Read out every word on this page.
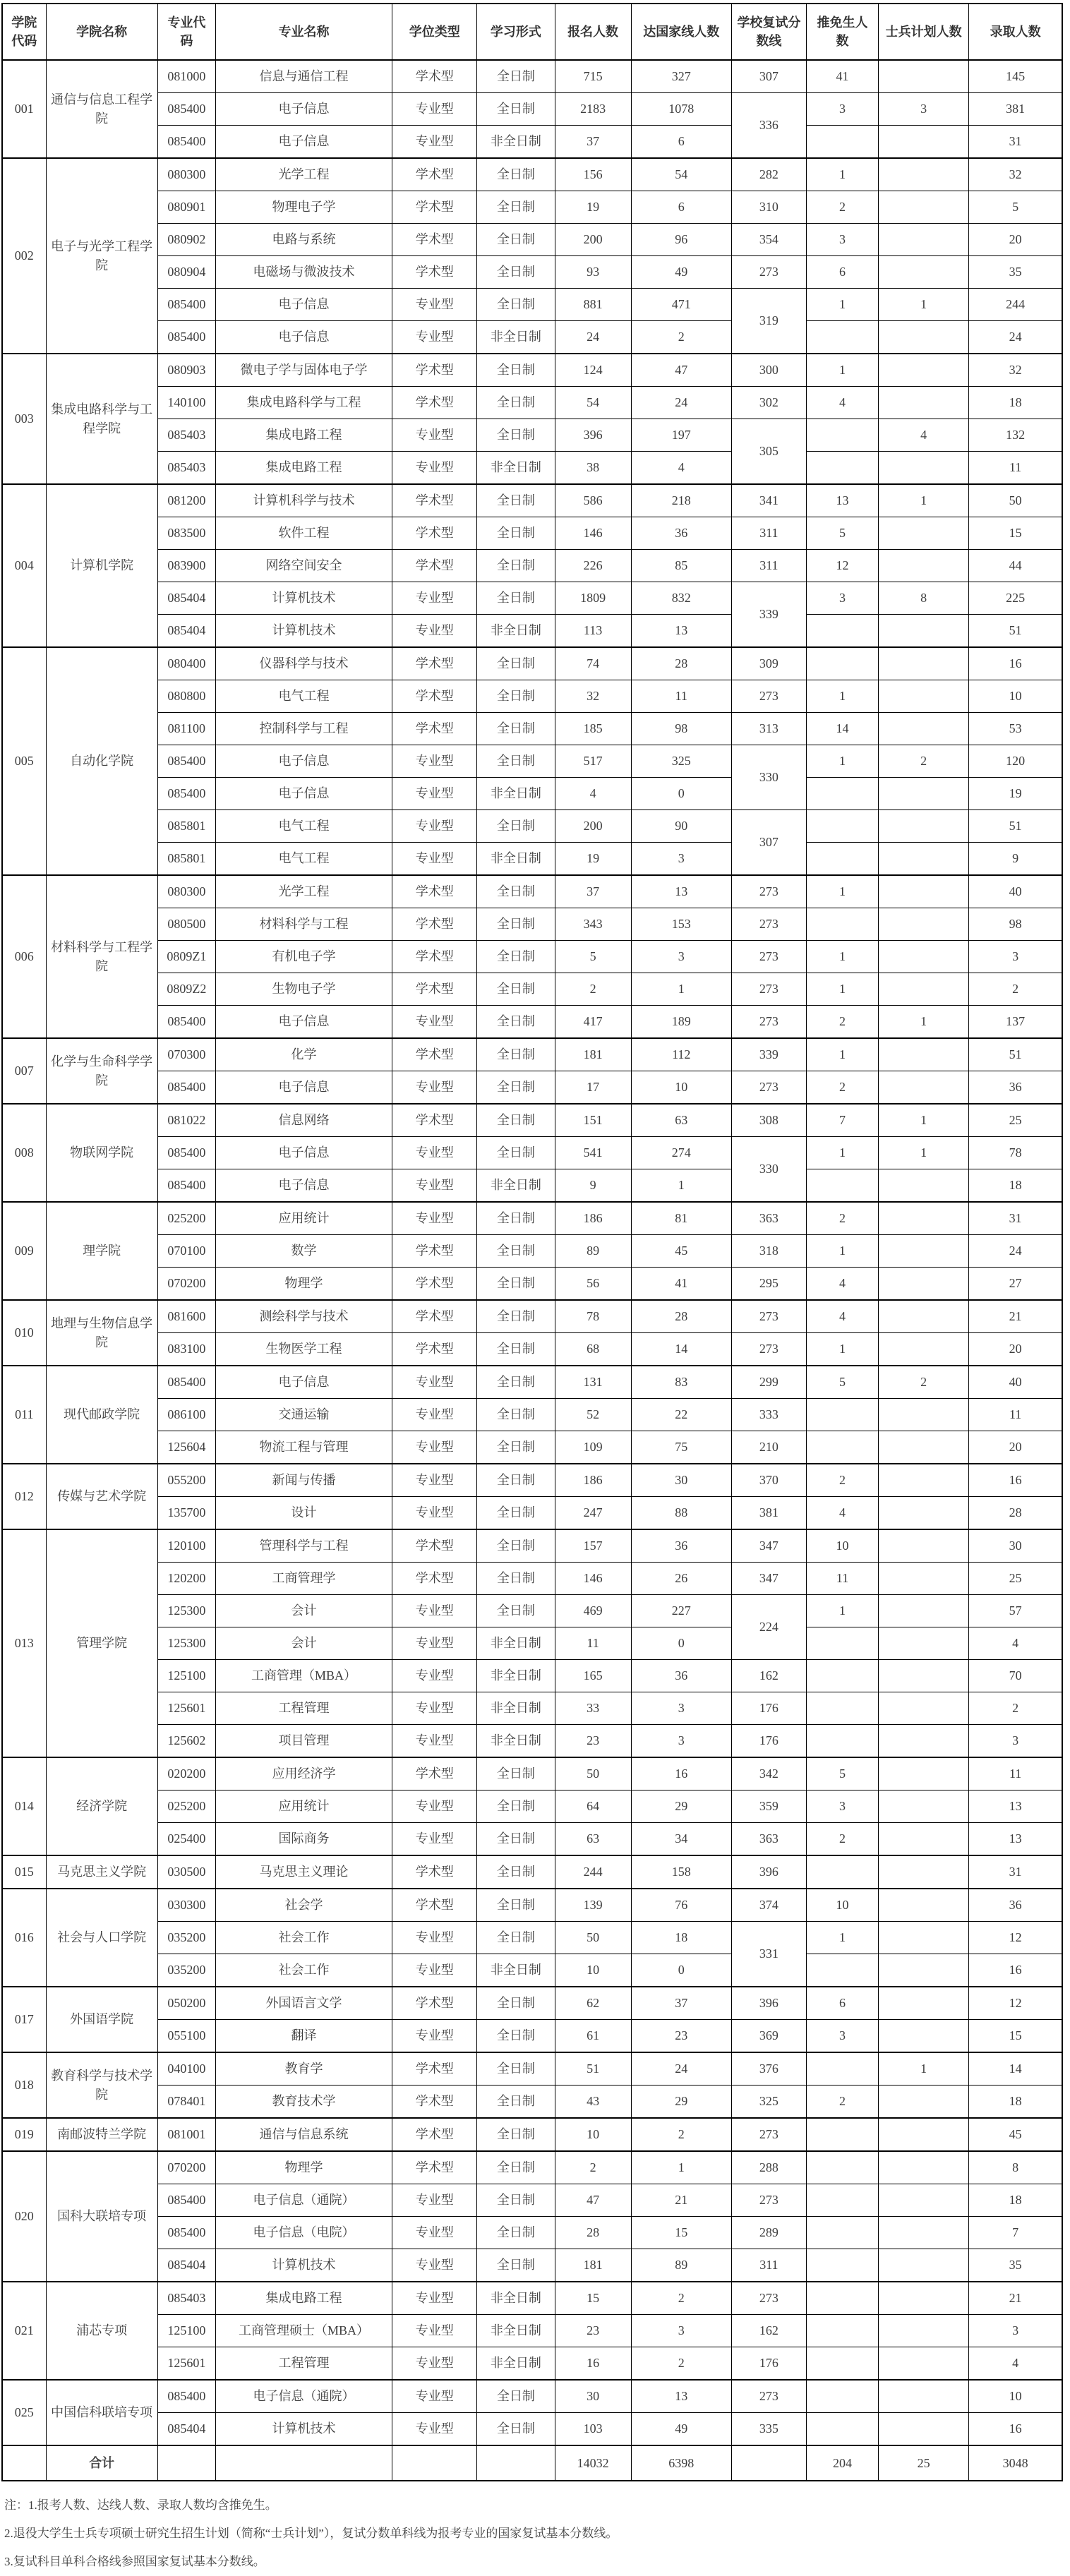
学院代码	学院名称	专业代码	专业名称	学位类型	学习形式	报名人数	达国家线人数	学校复试分数线	推免生人数	士兵计划人数	录取人数
001	通信与信息工程学院	081000	信息与通信工程	学术型	全日制	715	327	307	41		145
		085400	电子信息	专业型	全日制	2183	1078	336	3	3	381
		085400	电子信息	专业型	非全日制	37	6				31
002	电子与光学工程学院	080300	光学工程	学术型	全日制	156	54	282	1		32
		080901	物理电子学	学术型	全日制	19	6	310	2		5
		080902	电路与系统	学术型	全日制	200	96	354	3		20
		080904	电磁场与微波技术	学术型	全日制	93	49	273	6		35
		085400	电子信息	专业型	全日制	881	471	319	1	1	244
		085400	电子信息	专业型	非全日制	24	2				24
003	集成电路科学与工程学院	080903	微电子学与固体电子学	学术型	全日制	124	47	300	1		32
		140100	集成电路科学与工程	学术型	全日制	54	24	302	4		18
		085403	集成电路工程	专业型	全日制	396	197	305		4	132
		085403	集成电路工程	专业型	非全日制	38	4				11
004	计算机学院	081200	计算机科学与技术	学术型	全日制	586	218	341	13	1	50
		083500	软件工程	学术型	全日制	146	36	311	5		15
		083900	网络空间安全	学术型	全日制	226	85	311	12		44
		085404	计算机技术	专业型	全日制	1809	832	339	3	8	225
		085404	计算机技术	专业型	非全日制	113	13				51
005	自动化学院	080400	仪器科学与技术	学术型	全日制	74	28	309			16
		080800	电气工程	学术型	全日制	32	11	273	1		10
		081100	控制科学与工程	学术型	全日制	185	98	313	14		53
		085400	电子信息	专业型	全日制	517	325	330	1	2	120
		085400	电子信息	专业型	非全日制	4	0				19
		085801	电气工程	专业型	全日制	200	90	307			51
		085801	电气工程	专业型	非全日制	19	3				9
006	材料科学与工程学院	080300	光学工程	学术型	全日制	37	13	273	1		40
		080500	材料科学与工程	学术型	全日制	343	153	273			98
		0809Z1	有机电子学	学术型	全日制	5	3	273	1		3
		0809Z2	生物电子学	学术型	全日制	2	1	273	1		2
		085400	电子信息	专业型	全日制	417	189	273	2	1	137
007	化学与生命科学学院	070300	化学	学术型	全日制	181	112	339	1		51
		085400	电子信息	专业型	全日制	17	10	273	2		36
008	物联网学院	081022	信息网络	学术型	全日制	151	63	308	7	1	25
		085400	电子信息	专业型	全日制	541	274	330	1	1	78
		085400	电子信息	专业型	非全日制	9	1				18
009	理学院	025200	应用统计	专业型	全日制	186	81	363	2		31
		070100	数学	学术型	全日制	89	45	318	1		24
		070200	物理学	学术型	全日制	56	41	295	4		27
010	地理与生物信息学院	081600	测绘科学与技术	学术型	全日制	78	28	273	4		21
		083100	生物医学工程	学术型	全日制	68	14	273	1		20
011	现代邮政学院	085400	电子信息	专业型	全日制	131	83	299	5	2	40
		086100	交通运输	专业型	全日制	52	22	333			11
		125604	物流工程与管理	专业型	全日制	109	75	210			20
012	传媒与艺术学院	055200	新闻与传播	专业型	全日制	186	30	370	2		16
		135700	设计	专业型	全日制	247	88	381	4		28
013	管理学院	120100	管理科学与工程	学术型	全日制	157	36	347	10		30
		120200	工商管理学	学术型	全日制	146	26	347	11		25
		125300	会计	专业型	全日制	469	227	224	1		57
		125300	会计	专业型	非全日制	11	0				4
		125100	工商管理（MBA）	专业型	非全日制	165	36	162			70
		125601	工程管理	专业型	非全日制	33	3	176			2
		125602	项目管理	专业型	非全日制	23	3	176			3
014	经济学院	020200	应用经济学	学术型	全日制	50	16	342	5		11
		025200	应用统计	专业型	全日制	64	29	359	3		13
		025400	国际商务	专业型	全日制	63	34	363	2		13
015	马克思主义学院	030500	马克思主义理论	学术型	全日制	244	158	396			31
016	社会与人口学院	030300	社会学	学术型	全日制	139	76	374	10		36
		035200	社会工作	专业型	全日制	50	18	331	1		12
		035200	社会工作	专业型	非全日制	10	0				16
017	外国语学院	050200	外国语言文学	学术型	全日制	62	37	396	6		12
		055100	翻译	专业型	全日制	61	23	369	3		15
018	教育科学与技术学院	040100	教育学	学术型	全日制	51	24	376		1	14
		078401	教育技术学	学术型	全日制	43	29	325	2		18
019	南邮波特兰学院	081001	通信与信息系统	学术型	全日制	10	2	273			45
020	国科大联培专项	070200	物理学	学术型	全日制	2	1	288			8
		085400	电子信息（通院）	专业型	全日制	47	21	273			18
		085400	电子信息（电院）	专业型	全日制	28	15	289			7
		085404	计算机技术	专业型	全日制	181	89	311			35
021	浦芯专项	085403	集成电路工程	专业型	非全日制	15	2	273			21
		125100	工商管理硕士（MBA）	专业型	非全日制	23	3	162			3
		125601	工程管理	专业型	非全日制	16	2	176			4
025	中国信科联培专项	085400	电子信息（通院）	专业型	全日制	30	13	273			10
		085404	计算机技术	专业型	全日制	103	49	335			16
	合计					14032	6398		204	25	3048
注：1.报考人数、达线人数、录取人数均含推免生。
2.退役大学生士兵专项硕士研究生招生计划（简称“士兵计划”），复试分数单科线为报考专业的国家复试基本分数线。
3.复试科目单科合格线参照国家复试基本分数线。
